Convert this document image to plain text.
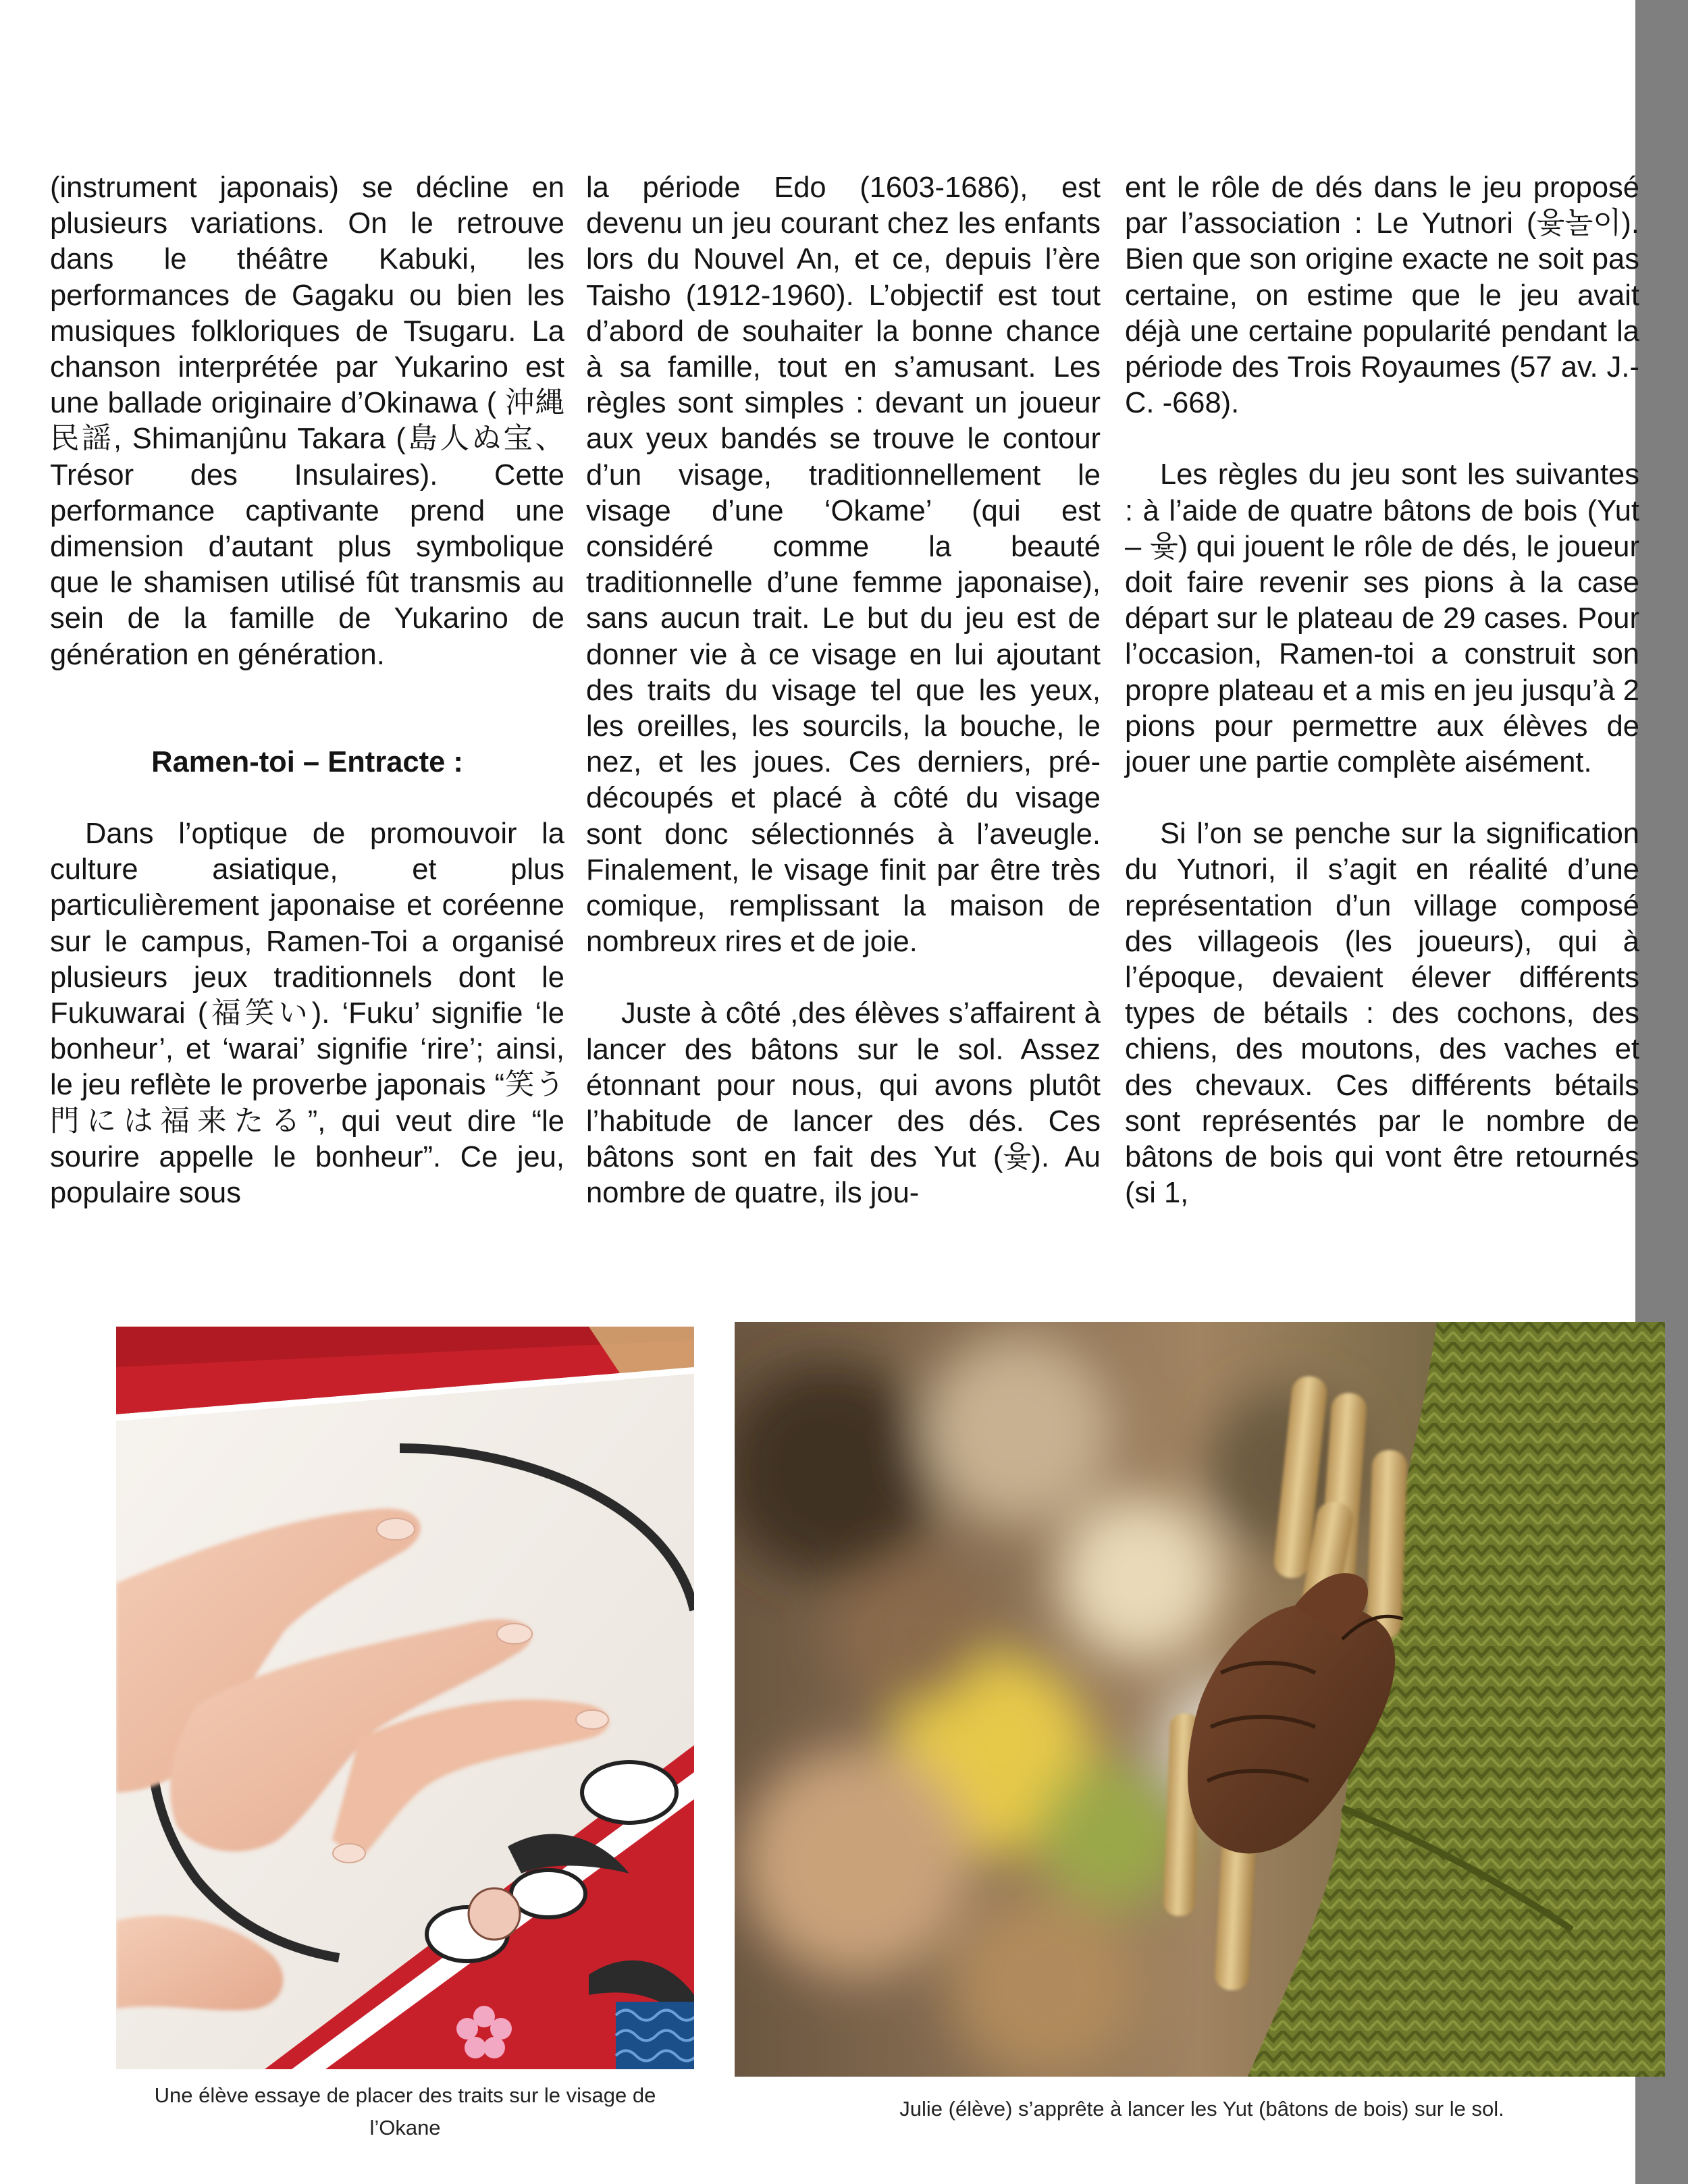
(instrument japonais) se décline en plusieurs variations. On le retrouve dans le théâtre Kabuki, les performances de Gagaku ou bien les musiques folkloriques de Tsugaru. La chanson interprétée par Yukarino est une ballade originaire d’Okinawa ( 沖縄民謡, Shimanjûnu Takara (島人ぬ宝、Trésor des Insulaires). Cette performance captivante prend une dimension d’autant plus symbolique que le shamisen utilisé fût transmis au sein de la famille de Yukarino de génération en génération.

Ramen-toi – Entracte :

Dans l’optique de promouvoir la culture asiatique, et plus particulièrement japonaise et coréenne sur le campus, Ramen-Toi a organisé plusieurs jeux traditionnels dont le Fukuwarai (福笑い). ‘Fuku’ signifie ‘le bonheur’, et ‘warai’ signifie ‘rire’; ainsi, le jeu reflète le proverbe japonais “笑う門には福来たる”, qui veut dire “le sourire appelle le bonheur”. Ce jeu, populaire sous

la période Edo (1603-1686), est devenu un jeu courant chez les enfants lors du Nouvel An, et ce, depuis l’ère Taisho (1912-1960). L’objectif est tout d’abord de souhaiter la bonne chance à sa famille, tout en s’amusant. Les règles sont simples : devant un joueur aux yeux bandés se trouve le contour d’un visage, traditionnellement le visage d’une ‘Okame’ (qui est considéré comme la beauté traditionnelle d’une femme japonaise), sans aucun trait. Le but du jeu est de donner vie à ce visage en lui ajoutant des traits du visage tel que les yeux, les oreilles, les sourcils, la bouche, le nez, et les joues. Ces derniers, pré-découpés et placé à côté du visage sont donc sélectionnés à l’aveugle. Finalement, le visage finit par être très comique, remplissant la maison de nombreux rires et de joie.

Juste à côté ,des élèves s’affairent à lancer des bâtons sur le sol. Assez étonnant pour nous, qui avons plutôt l’habitude de lancer des dés. Ces bâtons sont en fait des Yut (윷). Au nombre de quatre, ils jou-

ent le rôle de dés dans le jeu proposé par l’association : Le Yutnori (윷놀이). Bien que son origine exacte ne soit pas certaine, on estime que le jeu avait déjà une certaine popularité pendant la période des Trois Royaumes (57 av. J.-C. -668).

Les règles du jeu sont les suivantes : à l’aide de quatre bâtons de bois (Yut – 윷) qui jouent le rôle de dés, le joueur doit faire revenir ses pions à la case départ sur le plateau de 29 cases. Pour l’occasion, Ramen-toi a construit son propre plateau et a mis en jeu jusqu’à 2 pions pour permettre aux élèves de jouer une partie complète aisément.

Si l’on se penche sur la signification du Yutnori, il s’agit en réalité d’une représentation d’un village composé des villageois (les joueurs), qui à l’époque, devaient élever différents types de bétails : des cochons, des chiens, des moutons, des vaches et des chevaux. Ces différents bétails sont représentés par le nombre de bâtons de bois qui vont être retournés (si 1,

Une élève essaye de placer des traits sur le visage de l’Okane
Julie (élève) s’apprête à lancer les Yut (bâtons de bois) sur le sol.
